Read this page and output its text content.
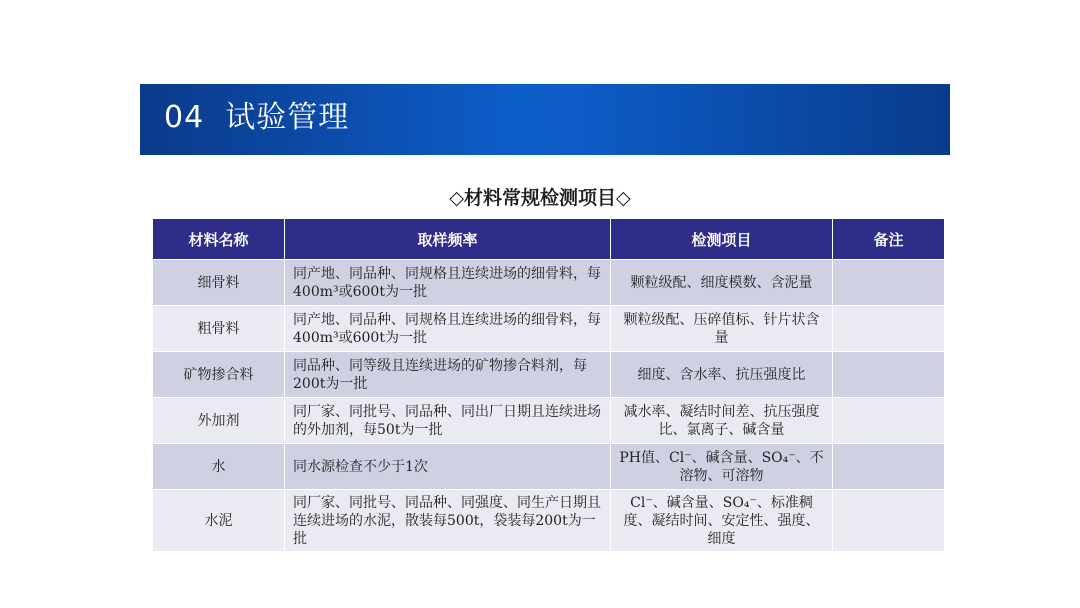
04  试验管理
◇材料常规检测项目◇
材料名称	取样频率	检测项目	备注
细骨料	同产地、同品种、同规格且连续进场的细骨料，每400m³或600t为一批	颗粒级配、细度模数、含泥量	
粗骨料	同产地、同品种、同规格且连续进场的细骨料，每400m³或600t为一批	颗粒级配、压碎值标、针片状含量	
矿物掺合料	同品种、同等级且连续进场的矿物掺合料剂，每200t为一批	细度、含水率、抗压强度比	
外加剂	同厂家、同批号、同品种、同出厂日期且连续进场的外加剂，每50t为一批	减水率、凝结时间差、抗压强度比、氯离子、碱含量	
水	同水源检查不少于1次	PH值、Cl⁻、碱含量、SO₄⁻、不溶物、可溶物	
水泥	同厂家、同批号、同品种、同强度、同生产日期且连续进场的水泥，散装每500t，袋装每200t为一批	Cl⁻、碱含量、SO₄⁻、标准稠度、凝结时间、安定性、强度、细度	
